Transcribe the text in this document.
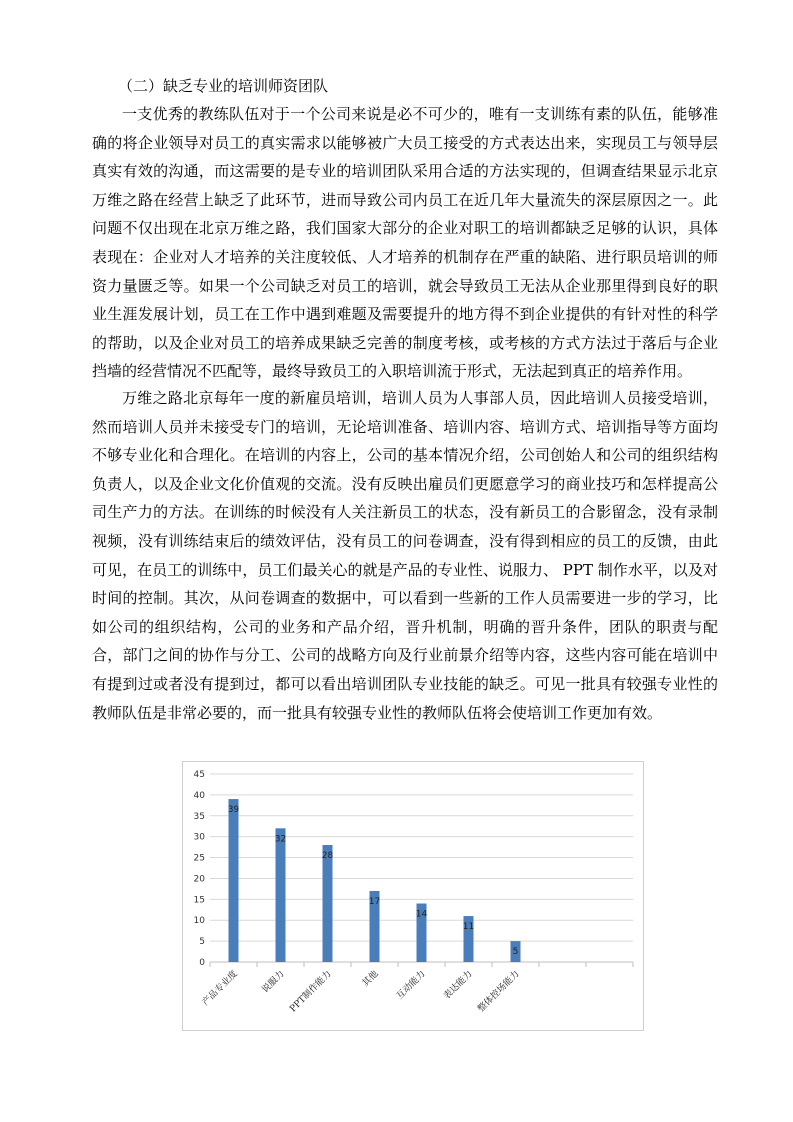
（二）缺乏专业的培训师资团队

一支优秀的教练队伍对于一个公司来说是必不可少的，唯有一支训练有素的队伍，能够准确的将企业领导对员工的真实需求以能够被广大员工接受的方式表达出来，实现员工与领导层真实有效的沟通，而这需要的是专业的培训团队采用合适的方法实现的，但调查结果显示北京万维之路在经营上缺乏了此环节，进而导致公司内员工在近几年大量流失的深层原因之一。此问题不仅出现在北京万维之路，我们国家大部分的企业对职工的培训都缺乏足够的认识，具体表现在：企业对人才培养的关注度较低、人才培养的机制存在严重的缺陷、进行职员培训的师资力量匮乏等。如果一个公司缺乏对员工的培训，就会导致员工无法从企业那里得到良好的职业生涯发展计划，员工在工作中遇到难题及需要提升的地方得不到企业提供的有针对性的科学的帮助，以及企业对员工的培养成果缺乏完善的制度考核，或考核的方式方法过于落后与企业挡墙的经营情况不匹配等，最终导致员工的入职培训流于形式，无法起到真正的培养作用。

万维之路北京每年一度的新雇员培训，培训人员为人事部人员，因此培训人员接受培训，然而培训人员并未接受专门的培训，无论培训准备、培训内容、培训方式、培训指导等方面均不够专业化和合理化。在培训的内容上，公司的基本情况介绍，公司创始人和公司的组织结构负责人，以及企业文化价值观的交流。没有反映出雇员们更愿意学习的商业技巧和怎样提高公司生产力的方法。在训练的时候没有人关注新员工的状态，没有新员工的合影留念，没有录制视频，没有训练结束后的绩效评估，没有员工的问卷调查，没有得到相应的员工的反馈，由此可见，在员工的训练中，员工们最关心的就是产品的专业性、说服力、 PPT 制作水平，以及对时间的控制。其次，从问卷调查的数据中，可以看到一些新的工作人员需要进一步的学习，比如公司的组织结构，公司的业务和产品介绍，晋升机制，明确的晋升条件，团队的职责与配合，部门之间的协作与分工、公司的战略方向及行业前景介绍等内容，这些内容可能在培训中有提到过或者没有提到过，都可以看出培训团队专业技能的缺乏。可见一批具有较强专业性的教师队伍是非常必要的，而一批具有较强专业性的教师队伍将会使培训工作更加有效。

0
5
10
15
20
25
30
35
40
45
39
产品专业度
32
说服力
28
PPT制作能力
17
其他
14
互动能力
11
表达能力
5
整体控场能力
